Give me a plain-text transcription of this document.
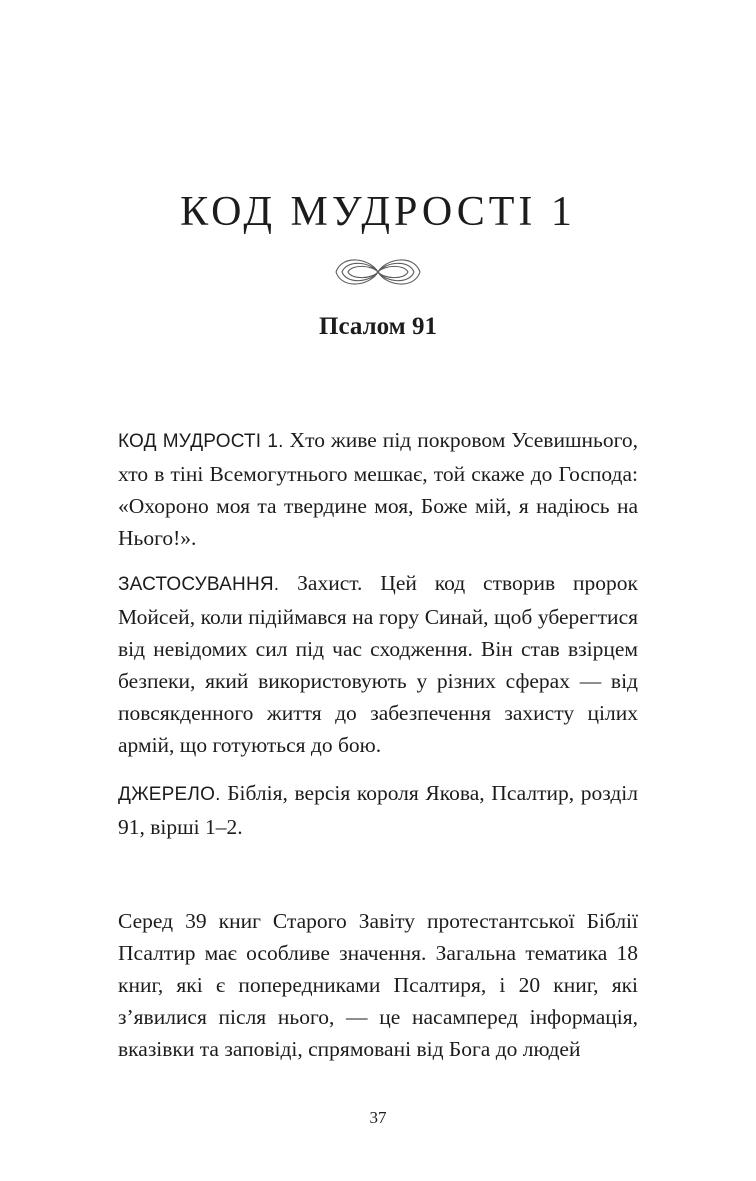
КОД МУДРОСТІ 1
Псалом 91

КОД МУДРОСТІ 1. Хто живе під покровом Усевишнього, хто в тіні Всемогутнього мешкає, той скаже до Господа: «Охороно моя та твердине моя, Боже мій, я надіюсь на Нього!».

ЗАСТОСУВАННЯ. Захист. Цей код створив пророк Мойсей, коли підіймався на гору Синай, щоб уберегтися від невідомих сил під час сходження. Він став взірцем безпеки, який використовують у різних сферах — від повсякденного життя до забезпечення захисту цілих армій, що готуються до бою.

ДЖЕРЕЛО. Біблія, версія короля Якова, Псалтир, розділ 91, вірші 1–2.

Серед 39 книг Старого Завіту протестантської Біблії Псалтир має особливе значення. Загальна тематика 18 книг, які є попередниками Псалтиря, і 20 книг, які з’явилися після нього, — це насамперед інформація, вказівки та заповіді, спрямовані від Бога до людей

37
